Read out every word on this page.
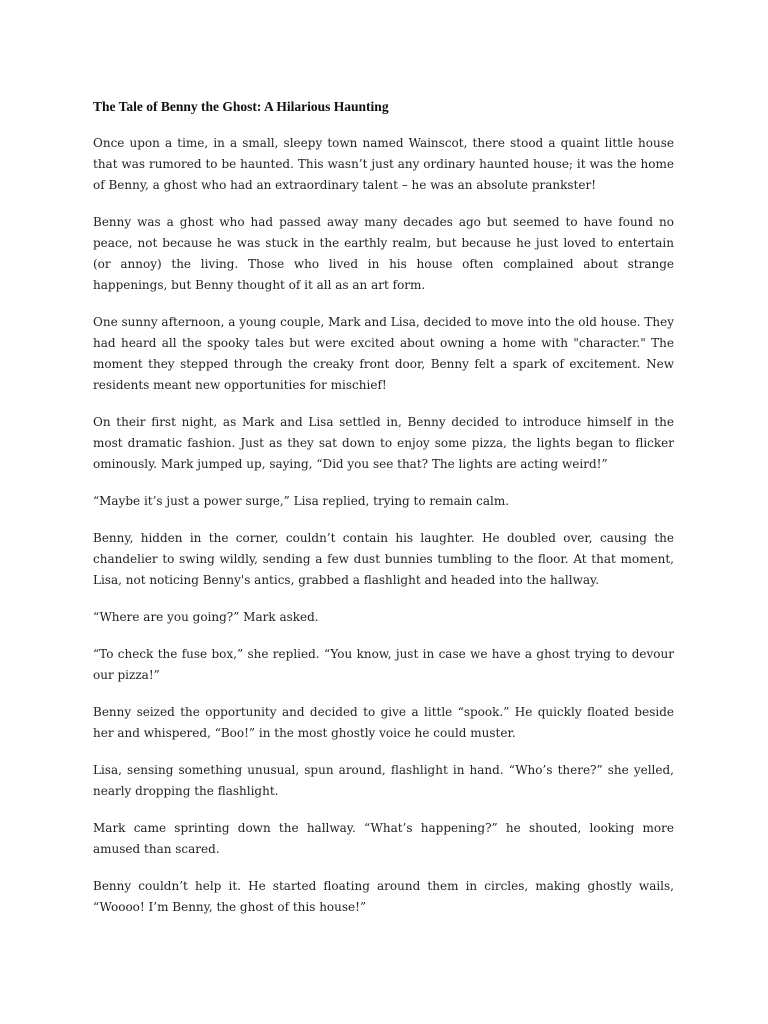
The Tale of Benny the Ghost: A Hilarious Haunting

Once upon a time, in a small, sleepy town named Wainscot, there stood a quaint little house that was rumored to be haunted. This wasn’t just any ordinary haunted house; it was the home of Benny, a ghost who had an extraordinary talent – he was an absolute prankster!

Benny was a ghost who had passed away many decades ago but seemed to have found no peace, not because he was stuck in the earthly realm, but because he just loved to entertain (or annoy) the living. Those who lived in his house often complained about strange happenings, but Benny thought of it all as an art form.

One sunny afternoon, a young couple, Mark and Lisa, decided to move into the old house. They had heard all the spooky tales but were excited about owning a home with "character." The moment they stepped through the creaky front door, Benny felt a spark of excitement. New residents meant new opportunities for mischief!

On their first night, as Mark and Lisa settled in, Benny decided to introduce himself in the most dramatic fashion. Just as they sat down to enjoy some pizza, the lights began to flicker ominously. Mark jumped up, saying, “Did you see that? The lights are acting weird!”

“Maybe it’s just a power surge,” Lisa replied, trying to remain calm.

Benny, hidden in the corner, couldn’t contain his laughter. He doubled over, causing the chandelier to swing wildly, sending a few dust bunnies tumbling to the floor. At that moment, Lisa, not noticing Benny's antics, grabbed a flashlight and headed into the hallway.

“Where are you going?” Mark asked.

“To check the fuse box,” she replied. “You know, just in case we have a ghost trying to devour our pizza!”

Benny seized the opportunity and decided to give a little “spook.” He quickly floated beside her and whispered, “Boo!” in the most ghostly voice he could muster.

Lisa, sensing something unusual, spun around, flashlight in hand. “Who’s there?” she yelled, nearly dropping the flashlight.

Mark came sprinting down the hallway. “What’s happening?” he shouted, looking more amused than scared.

Benny couldn’t help it. He started floating around them in circles, making ghostly wails, “Woooo! I’m Benny, the ghost of this house!”
